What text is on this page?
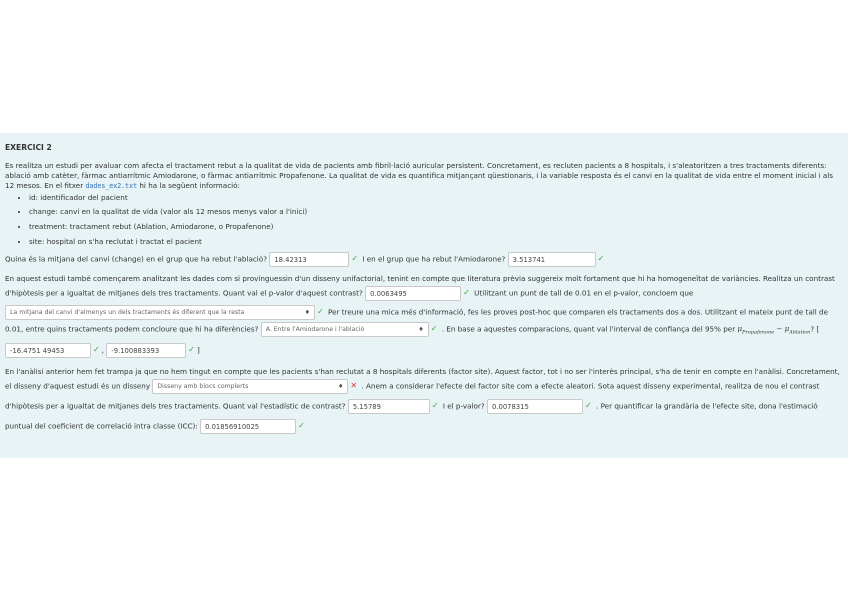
EXERCICI 2

Es realitza un estudi per avaluar com afecta el tractament rebut a la qualitat de vida de pacients amb fibril·lació auricular persistent. Concretament, es recluten pacients a 8 hospitals, i s'aleatoritzen a tres tractaments diferents:

ablació amb catèter, fàrmac antiarrítmic Amiodarone, o fàrmac antiarrítmic Propafenone. La qualitat de vida es quantifica mitjançant qüestionaris, i la variable resposta és el canvi en la qualitat de vida entre el moment inicial i als

12 mesos. En el fitxer dades_ex2.txt hi ha la següent informació:

• id: identificador del pacient
• change: canvi en la qualitat de vida (valor als 12 mesos menys valor a l'inici)
• treatment: tractament rebut (Ablation, Amiodarone, o Propafenone)
• site: hospital on s'ha reclutat i tractat el pacient
Quina és la mitjana del canvi (change) en el grup que ha rebut l'ablació? 18.42313	✓ I en el grup que ha rebut l'Amiodarone? 3.513741	✓
En aquest estudi també començarem analitzant les dades com si provinguessin d'un disseny unifactorial, tenint en compte que literatura prèvia suggereix molt fortament que hi ha homogeneïtat de variàncies. Realitza un contrast
d'hipòtesis per a igualtat de mitjanes dels tres tractaments. Quant val el p-valor d'aquest contrast? 0.0063495	✓ Utilitzant un punt de tall de 0.01 en el p-valor, concloem que
La mitjana del canvi d'almenys un dels tractaments és diferent que la resta	♦ ✓ Per treure una mica més d'informació, fes les proves post-hoc que comparen els tractaments dos a dos. Utilitzant el mateix punt de tall de
0.01, entre quins tractaments podem concloure que hi ha diferències? A. Entre l'Amiodarone i l'ablació	♦ ✓ . En base a aquestes comparacions, quant val l'interval de confiança del 95% per $\mu_{Propafenone} - \mu_{Ablation}$? [
-16.4751 49453	✓ , -9.100883393	✓ ]
En l'anàlisi anterior hem fet trampa ja que no hem tingut en compte que les pacients s'han reclutat a 8 hospitals diferents (factor site). Aquest factor, tot i no ser l'interès principal, s'ha de tenir en compte en l'anàlisi. Concretament,
el disseny d'aquest estudi és un disseny Disseny amb blocs complerts	♦ ✕ . Anem a considerar l'efecte del factor site com a efecte aleatori. Sota aquest disseny experimental, realitza de nou el contrast
d'hipòtesis per a igualtat de mitjanes dels tres tractaments. Quant val l'estadístic de contrast? 5.15789	✓ I el p-valor? 0.0078315	✓ . Per quantificar la grandària de l'efecte site, dona l'estimació
puntual del coeficient de correlació intra classe (ICC): 0.01856910025	✓
